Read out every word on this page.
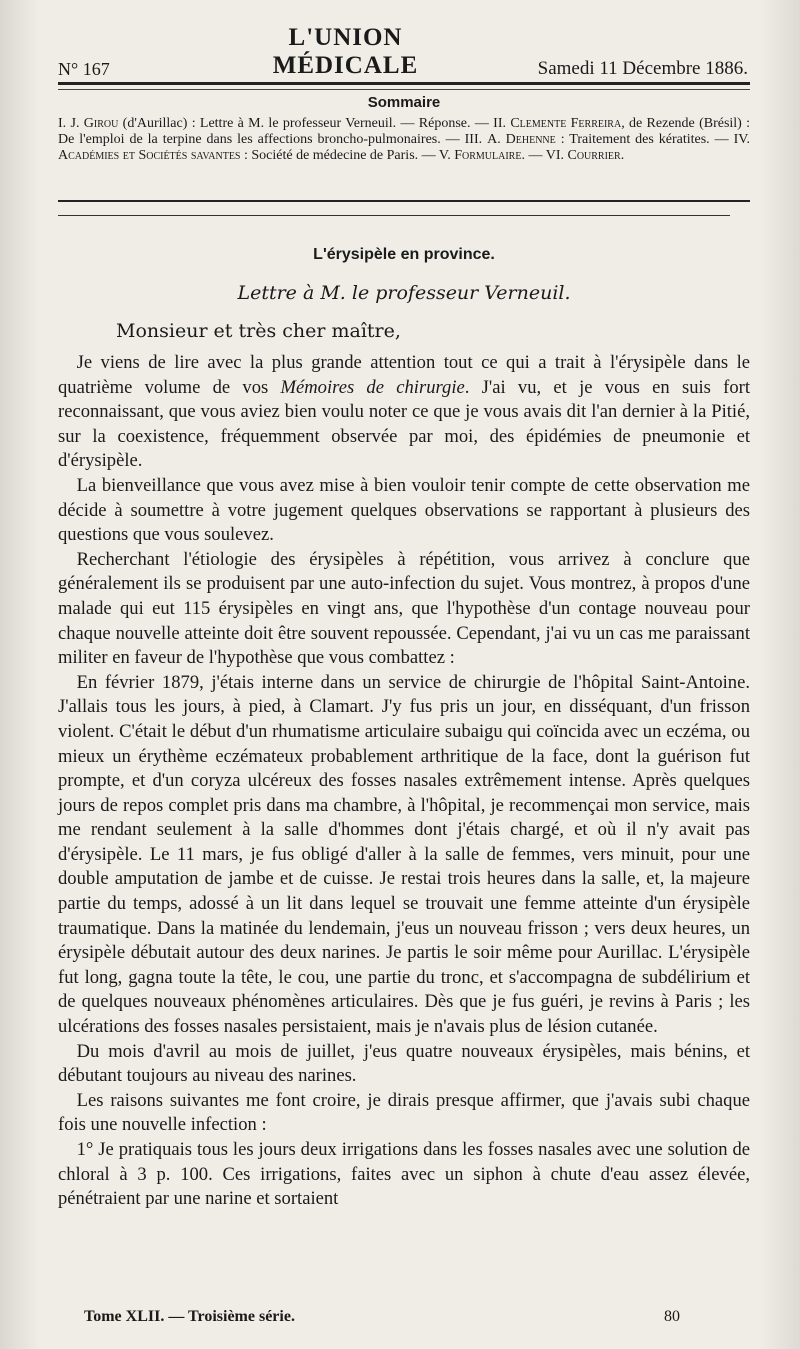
N° 167
L'UNION MÉDICALE	Samedi 11 Décembre 1886.
Sommaire
I. J. Girou (d'Aurillac) : Lettre à M. le professeur Verneuil. — Réponse. — II. Clemente Ferreira, de Rezende (Brésil) : De l'emploi de la terpine dans les affections broncho-pulmonaires. — III. A. Dehenne : Traitement des kératites. — IV. Académies et Sociétés savantes : Société de médecine de Paris. — V. Formulaire. — VI. Courrier.
L'érysipèle en province.
Lettre à M. le professeur Verneuil.
Monsieur et très cher maître,

Je viens de lire avec la plus grande attention tout ce qui a trait à l'érysipèle dans le quatrième volume de vos Mémoires de chirurgie. J'ai vu, et je vous en suis fort reconnaissant, que vous aviez bien voulu noter ce que je vous avais dit l'an dernier à la Pitié, sur la coexistence, fréquemment observée par moi, des épidémies de pneumonie et d'érysipèle.

La bienveillance que vous avez mise à bien vouloir tenir compte de cette observation me décide à soumettre à votre jugement quelques observations se rapportant à plusieurs des questions que vous soulevez.

Recherchant l'étiologie des érysipèles à répétition, vous arrivez à conclure que généralement ils se produisent par une auto-infection du sujet. Vous montrez, à propos d'une malade qui eut 115 érysipèles en vingt ans, que l'hypothèse d'un contage nouveau pour chaque nouvelle atteinte doit être souvent repoussée. Cependant, j'ai vu un cas me paraissant militer en faveur de l'hypothèse que vous combattez :

En février 1879, j'étais interne dans un service de chirurgie de l'hôpital Saint-Antoine. J'allais tous les jours, à pied, à Clamart. J'y fus pris un jour, en disséquant, d'un frisson violent. C'était le début d'un rhumatisme articulaire subaigu qui coïncida avec un eczéma, ou mieux un érythème eczémateux probablement arthritique de la face, dont la guérison fut prompte, et d'un coryza ulcéreux des fosses nasales extrêmement intense. Après quelques jours de repos complet pris dans ma chambre, à l'hôpital, je recommençai mon service, mais me rendant seulement à la salle d'hommes dont j'étais chargé, et où il n'y avait pas d'érysipèle. Le 11 mars, je fus obligé d'aller à la salle de femmes, vers minuit, pour une double amputation de jambe et de cuisse. Je restai trois heures dans la salle, et, la majeure partie du temps, adossé à un lit dans lequel se trouvait une femme atteinte d'un érysipèle traumatique. Dans la matinée du lendemain, j'eus un nouveau frisson ; vers deux heures, un érysipèle débutait autour des deux narines. Je partis le soir même pour Aurillac. L'érysipèle fut long, gagna toute la tête, le cou, une partie du tronc, et s'accompagna de subdélirium et de quelques nouveaux phénomènes articulaires. Dès que je fus guéri, je revins à Paris ; les ulcérations des fosses nasales persistaient, mais je n'avais plus de lésion cutanée.

Du mois d'avril au mois de juillet, j'eus quatre nouveaux érysipèles, mais bénins, et débutant toujours au niveau des narines.

Les raisons suivantes me font croire, je dirais presque affirmer, que j'avais subi chaque fois une nouvelle infection :

1° Je pratiquais tous les jours deux irrigations dans les fosses nasales avec une solution de chloral à 3 p. 100. Ces irrigations, faites avec un siphon à chute d'eau assez élevée, pénétraient par une narine et sortaient

Tome XLII. — Troisième série.	80
